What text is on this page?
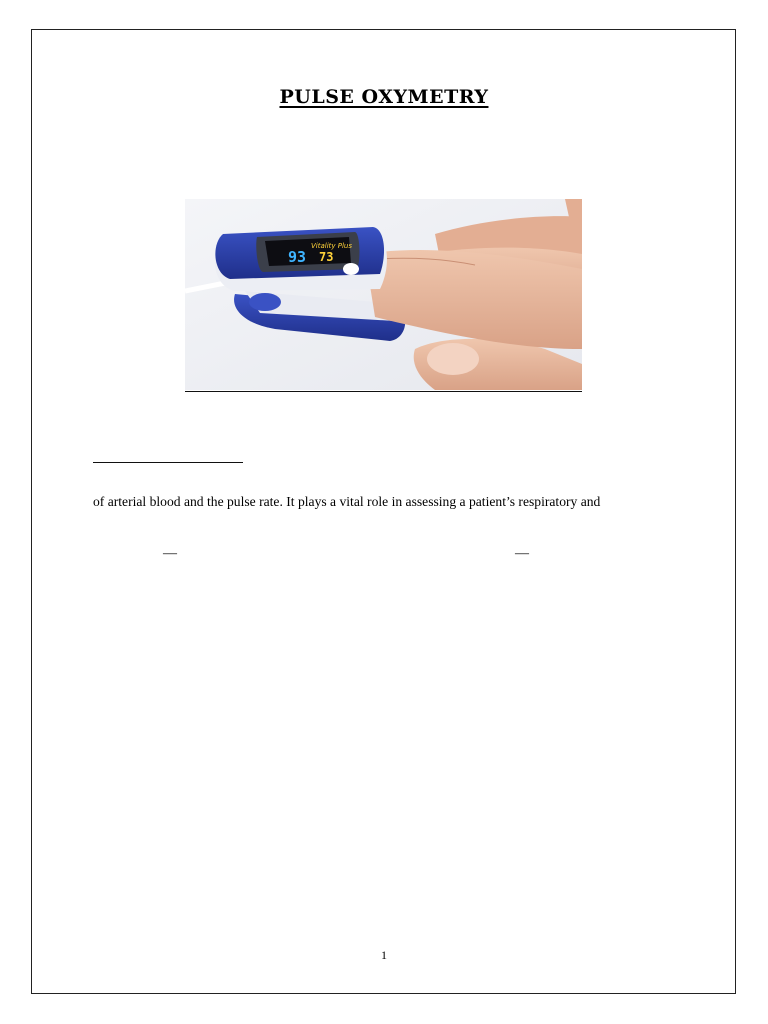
PULSE OXYMETRY
Vitality Plus
93 73
of arterial blood and the pulse rate. It plays a vital role in assessing a patient’s respiratory and
—	—
1
